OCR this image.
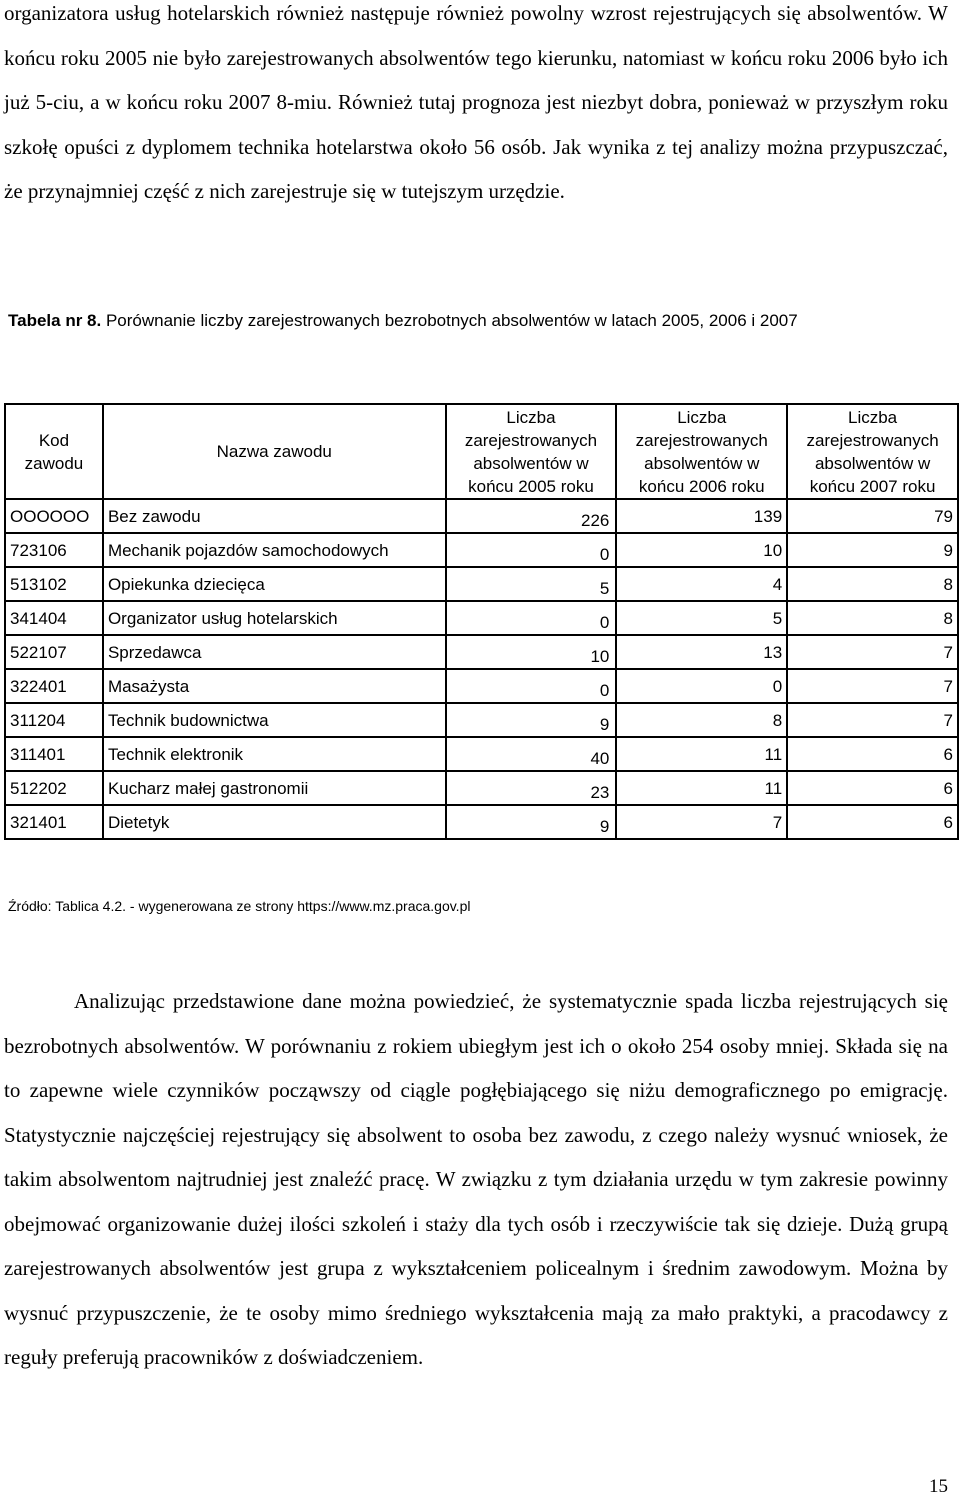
organizatora usług hotelarskich również następuje również powolny wzrost rejestrujących się absolwentów. W końcu roku 2005 nie było zarejestrowanych absolwentów tego kierunku, natomiast w końcu roku 2006 było ich już 5-ciu, a w końcu roku 2007 8-miu. Również tutaj prognoza jest niezbyt dobra, ponieważ w przyszłym roku szkołę opuści z dyplomem technika hotelarstwa około 56 osób. Jak wynika z tej analizy można przypuszczać, że przynajmniej część z nich zarejestruje się w tutejszym urzędzie.

Tabela nr 8. Porównanie liczby zarejestrowanych bezrobotnych absolwentów w latach 2005, 2006 i 2007
Kod zawodu	Nazwa zawodu	Liczba zarejestrowanych absolwentów w końcu 2005 roku	Liczba zarejestrowanych absolwentów w końcu 2006 roku	Liczba zarejestrowanych absolwentów w końcu 2007 roku
OOOOOO	Bez zawodu	226	139	79
723106	Mechanik pojazdów samochodowych	0	10	9
513102	Opiekunka dziecięca	5	4	8
341404	Organizator usług hotelarskich	0	5	8
522107	Sprzedawca	10	13	7
322401	Masażysta	0	0	7
311204	Technik budownictwa	9	8	7
311401	Technik elektronik	40	11	6
512202	Kucharz małej gastronomii	23	11	6
321401	Dietetyk	9	7	6
Źródło: Tablica 4.2. - wygenerowana ze strony https://www.mz.praca.gov.pl

Analizując przedstawione dane można powiedzieć, że systematycznie spada liczba rejestrujących się bezrobotnych absolwentów. W porównaniu z rokiem ubiegłym jest ich o około 254 osoby mniej. Składa się na to zapewne wiele czynników począwszy od ciągle pogłębiającego się niżu demograficznego po emigrację. Statystycznie najczęściej rejestrujący się absolwent to osoba bez zawodu, z czego należy wysnuć wniosek, że takim absolwentom najtrudniej jest znaleźć pracę. W związku z tym działania urzędu w tym zakresie powinny obejmować organizowanie dużej ilości szkoleń i staży dla tych osób i rzeczywiście tak się dzieje. Dużą grupą zarejestrowanych absolwentów jest grupa z wykształceniem policealnym i średnim zawodowym. Można by wysnuć przypuszczenie, że te osoby mimo średniego wykształcenia mają za mało praktyki, a pracodawcy z reguły preferują pracowników z doświadczeniem.

15
